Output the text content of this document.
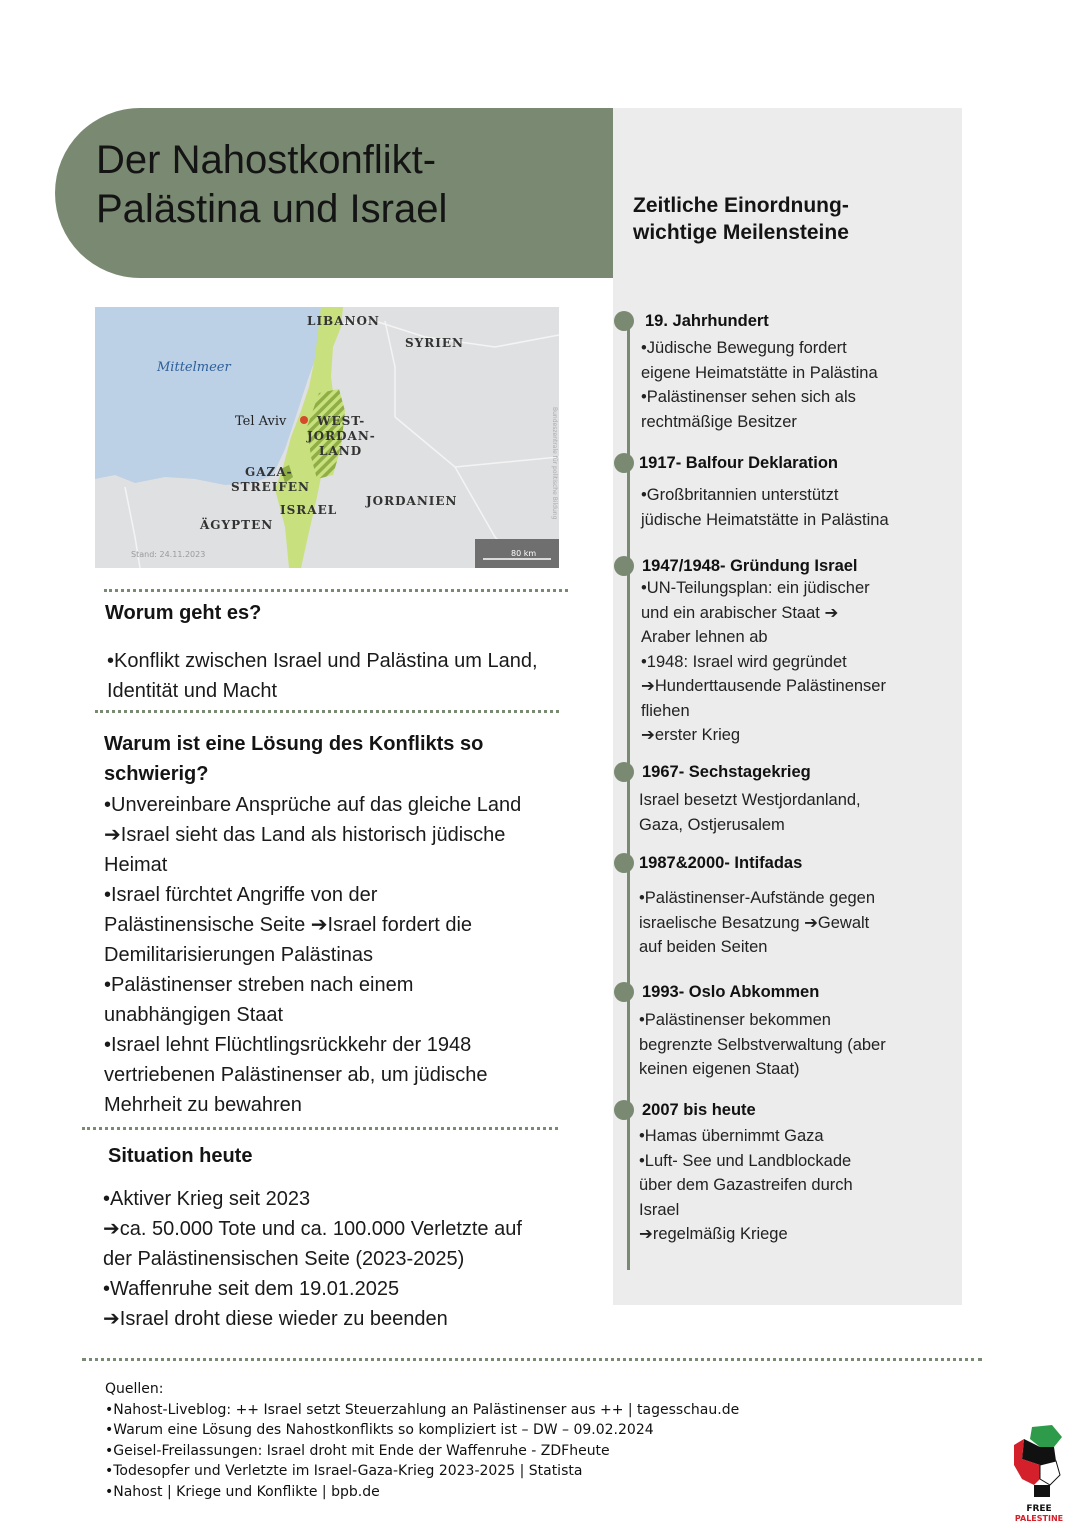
Der Nahostkonflikt-
Palästina und Israel	Zeitliche Einordnung-
wichtige Meilensteine
19. Jahrhundert
•Jüdische Bewegung fordert
eigene Heimatstätte in Palästina
•Palästinenser sehen sich als
rechtmäßige Besitzer
1917- Balfour Deklaration
•Großbritannien unterstützt
jüdische Heimatstätte in Palästina
1947/1948- Gründung Israel
•UN-Teilungsplan: ein jüdischer
und ein arabischer Staat ➔
Araber lehnen ab
•1948: Israel wird gegründet
➔Hunderttausende Palästinenser
fliehen
➔erster Krieg
1967- Sechstagekrieg
Israel besetzt Westjordanland,
Gaza, Ostjerusalem
1987&2000- Intifadas
•Palästinenser-Aufstände gegen
israelische Besatzung ➔Gewalt
auf beiden Seiten
1993- Oslo Abkommen
•Palästinenser bekommen
begrenzte Selbstverwaltung (aber
keinen eigenen Staat)
2007 bis heute
•Hamas übernimmt Gaza
•Luft- See und Landblockade
über dem Gazastreifen durch
Israel
➔regelmäßig Kriege
LIBANON
SYRIEN
Mittelmeer
Tel Aviv	WEST-
JORDAN-
LAND
GAZA-
STREIFEN
ISRAEL
JORDANIEN
ÄGYPTEN
Stand: 24.11.2023
Bundeszentrale für politische Bildung
80 km
Worum geht es?
•Konflikt zwischen Israel und Palästina um Land,
Identität und Macht
Warum ist eine Lösung des Konflikts so
schwierig?
•Unvereinbare Ansprüche auf das gleiche Land
➔Israel sieht das Land als historisch jüdische
Heimat
•Israel fürchtet Angriffe von der
Palästinensische Seite ➔Israel fordert die
Demilitarisierungen Palästinas
•Palästinenser streben nach einem
unabhängigen Staat
•Israel lehnt Flüchtlingsrückkehr der 1948
vertriebenen Palästinenser ab, um jüdische
Mehrheit zu bewahren
Situation heute
•Aktiver Krieg seit 2023
➔ca. 50.000 Tote und ca. 100.000 Verletzte auf
der Palästinensischen Seite (2023-2025)
•Waffenruhe seit dem 19.01.2025
➔Israel droht diese wieder zu beenden
Quellen:
•Nahost-Liveblog: ++ Israel setzt Steuerzahlung an Palästinenser aus ++ | tagesschau.de
•Warum eine Lösung des Nahostkonflikts so kompliziert ist – DW – 09.02.2024
•Geisel-Freilassungen: Israel droht mit Ende der Waffenruhe - ZDFheute
•Todesopfer und Verletzte im Israel-Gaza-Krieg 2023-2025 | Statista
•Nahost | Kriege und Konflikte | bpb.de
FREE
PALESTINE
